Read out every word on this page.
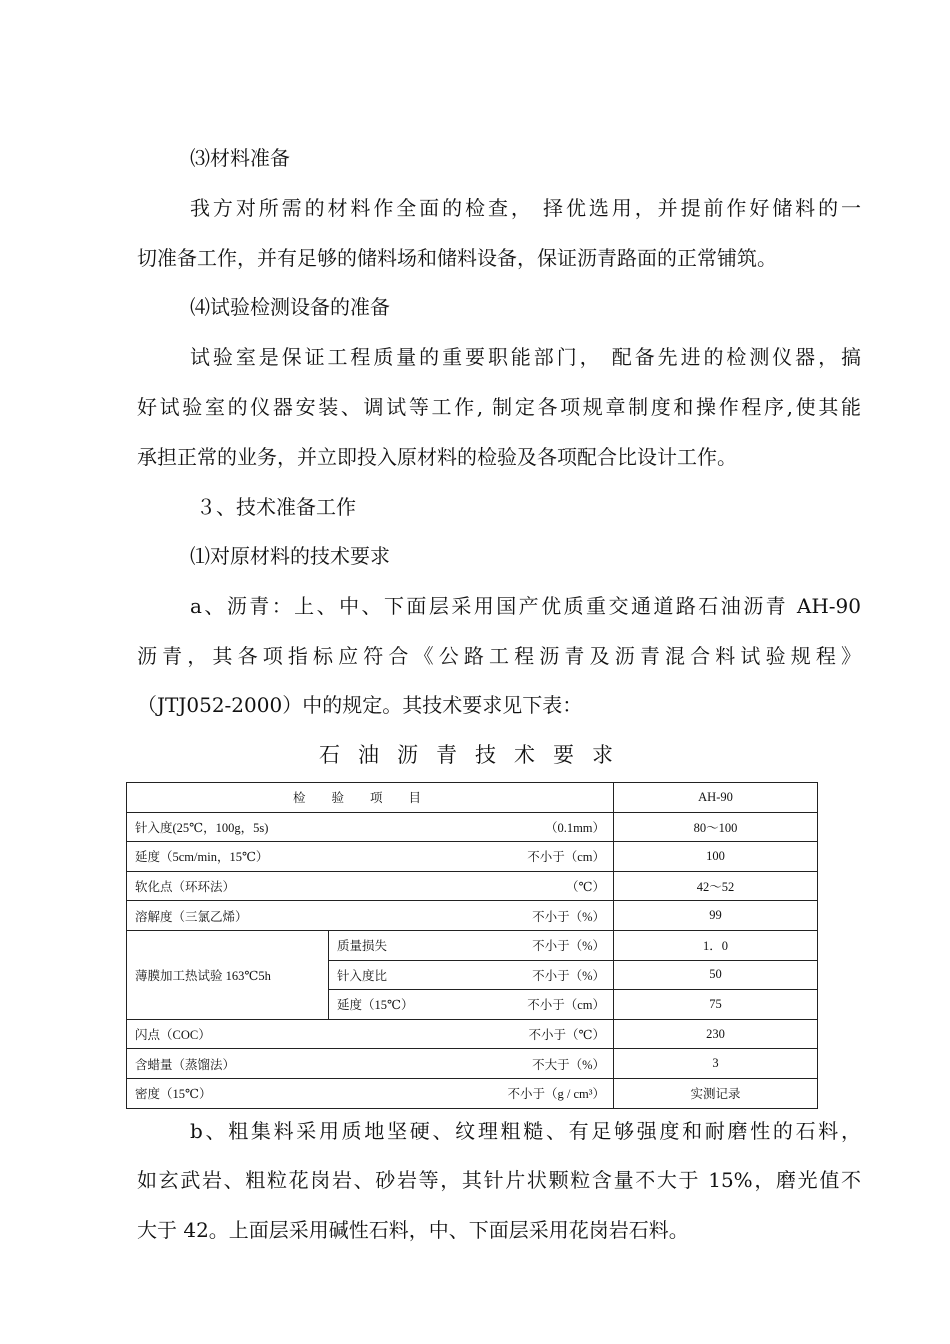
⑶材料准备
我方对所需的材料作全面的检查， 择优选用，并提前作好储料的一
切准备工作，并有足够的储料场和储料设备，保证沥青路面的正常铺筑。
⑷试验检测设备的准备
试验室是保证工程质量的重要职能部门， 配备先进的检测仪器，搞
好试验室的仪器安装、调试等工作, 制定各项规章制度和操作程序,使其能
承担正常的业务，并立即投入原材料的检验及各项配合比设计工作。
３、技术准备工作
⑴对原材料的技术要求
a、沥青：上、中、下面层采用国产优质重交通道路石油沥青 AH-90
沥青，其各项指标应符合《公路工程沥青及沥青混合料试验规程》
（JTJ052-2000）中的规定。其技术要求见下表：
石油沥青技术要求
检验项目		AH-90

针入度(25℃，100g，5s) （0.1mm）		80～100

延度（5cm/min，15℃） 不小于（cm）		100

软化点（环环法） （℃）		42～52

溶解度（三氯乙烯） 不小于（%）		99
薄膜加工热试验 163℃5h	质量损失 不小于（%）	1．0

	针入度比 不小于（%）	50

	延度（15℃） 不小于（cm）	75

闪点（COC） 不小于（℃）		230

含蜡量（蒸馏法） 不大于（%）		3

密度（15℃） 不小于（g / cm³）		实测记录
b、粗集料采用质地坚硬、纹理粗糙、有足够强度和耐磨性的石料，
如玄武岩、粗粒花岗岩、砂岩等，其针片状颗粒含量不大于 15%，磨光值不
大于 42。上面层采用碱性石料，中、下面层采用花岗岩石料。
